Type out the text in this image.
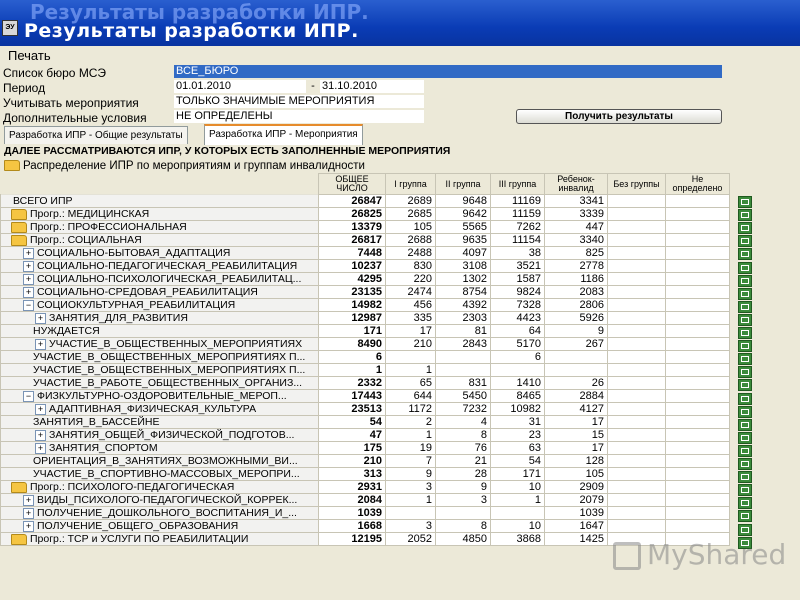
Результаты разработки ИПР.
ЭУ Результаты разработки ИПР.
Печать
Список бюро МСЭ	ВСЕ_БЮРО
Период	01.01.2010	- 31.10.2010
Учитывать мероприятия	ТОЛЬКО ЗНАЧИМЫЕ МЕРОПРИЯТИЯ
Дополнительные условия	НЕ ОПРЕДЕЛЕНЫ	Получить результаты
Разработка ИПР - Общие результаты	Разработка ИПР - Мероприятия
ДАЛЕЕ РАССМАТРИВАЮТСЯ ИПР, У КОТОРЫХ ЕСТЬ ЗАПОЛНЕННЫЕ МЕРОПРИЯТИЯ
Распределение ИПР по мероприятиям и группам инвалидности
	ОБЩЕЕ ЧИСЛО	I группа	II группа	III группа	Ребенок-инвалид	Без группы	Не определено
ВСЕГО ИПР	26847	2689	9648	11169	3341		
Прогр.: МЕДИЦИНСКАЯ	26825	2685	9642	11159	3339		
Прогр.: ПРОФЕССИОНАЛЬНАЯ	13379	105	5565	7262	447		
Прогр.: СОЦИАЛЬНАЯ	26817	2688	9635	11154	3340		
+ СОЦИАЛЬНО-БЫТОВАЯ_АДАПТАЦИЯ	7448	2488	4097	38	825		
+ СОЦИАЛЬНО-ПЕДАГОГИЧЕСКАЯ_РЕАБИЛИТАЦИЯ	10237	830	3108	3521	2778		
+ СОЦИАЛЬНО-ПСИХОЛОГИЧЕСКАЯ_РЕАБИЛИТАЦ...	4295	220	1302	1587	1186		
+ СОЦИАЛЬНО-СРЕДОВАЯ_РЕАБИЛИТАЦИЯ	23135	2474	8754	9824	2083		
− СОЦИОКУЛЬТУРНАЯ_РЕАБИЛИТАЦИЯ	14982	456	4392	7328	2806		
+ ЗАНЯТИЯ_ДЛЯ_РАЗВИТИЯ	12987	335	2303	4423	5926		
НУЖДАЕТСЯ	171	17	81	64	9		
+ УЧАСТИЕ_В_ОБЩЕСТВЕННЫХ_МЕРОПРИЯТИЯХ	8490	210	2843	5170	267		
УЧАСТИЕ_В_ОБЩЕСТВЕННЫХ_МЕРОПРИЯТИЯХ П...	6			6			
УЧАСТИЕ_В_ОБЩЕСТВЕННЫХ_МЕРОПРИЯТИЯХ П...	1	1					
УЧАСТИЕ_В_РАБОТЕ_ОБЩЕСТВЕННЫХ_ОРГАНИЗ...	2332	65	831	1410	26		
− ФИЗКУЛЬТУРНО-ОЗДОРОВИТЕЛЬНЫЕ_МЕРОП...	17443	644	5450	8465	2884		
+ АДАПТИВНАЯ_ФИЗИЧЕСКАЯ_КУЛЬТУРА	23513	1172	7232	10982	4127		
ЗАНЯТИЯ_В_БАССЕЙНЕ	54	2	4	31	17		
+ ЗАНЯТИЯ_ОБЩЕЙ_ФИЗИЧЕСКОЙ_ПОДГОТОВ...	47	1	8	23	15		
+ ЗАНЯТИЯ_СПОРТОМ	175	19	76	63	17		
ОРИЕНТАЦИЯ_В_ЗАНЯТИЯХ_ВОЗМОЖНЫМИ_ВИ...	210	7	21	54	128		
УЧАСТИЕ_В_СПОРТИВНО-МАССОВЫХ_МЕРОПРИ...	313	9	28	171	105		
Прогр.: ПСИХОЛОГО-ПЕДАГОГИЧЕСКАЯ	2931	3	9	10	2909		
+ ВИДЫ_ПСИХОЛОГО-ПЕДАГОГИЧЕСКОЙ_КОРРЕК...	2084	1	3	1	2079		
+ ПОЛУЧЕНИЕ_ДОШКОЛЬНОГО_ВОСПИТАНИЯ_И_...	1039				1039		
+ ПОЛУЧЕНИЕ_ОБЩЕГО_ОБРАЗОВАНИЯ	1668	3	8	10	1647		
Прогр.: ТСР и УСЛУГИ ПО РЕАБИЛИТАЦИИ	12195	2052	4850	3868	1425			MyShared
